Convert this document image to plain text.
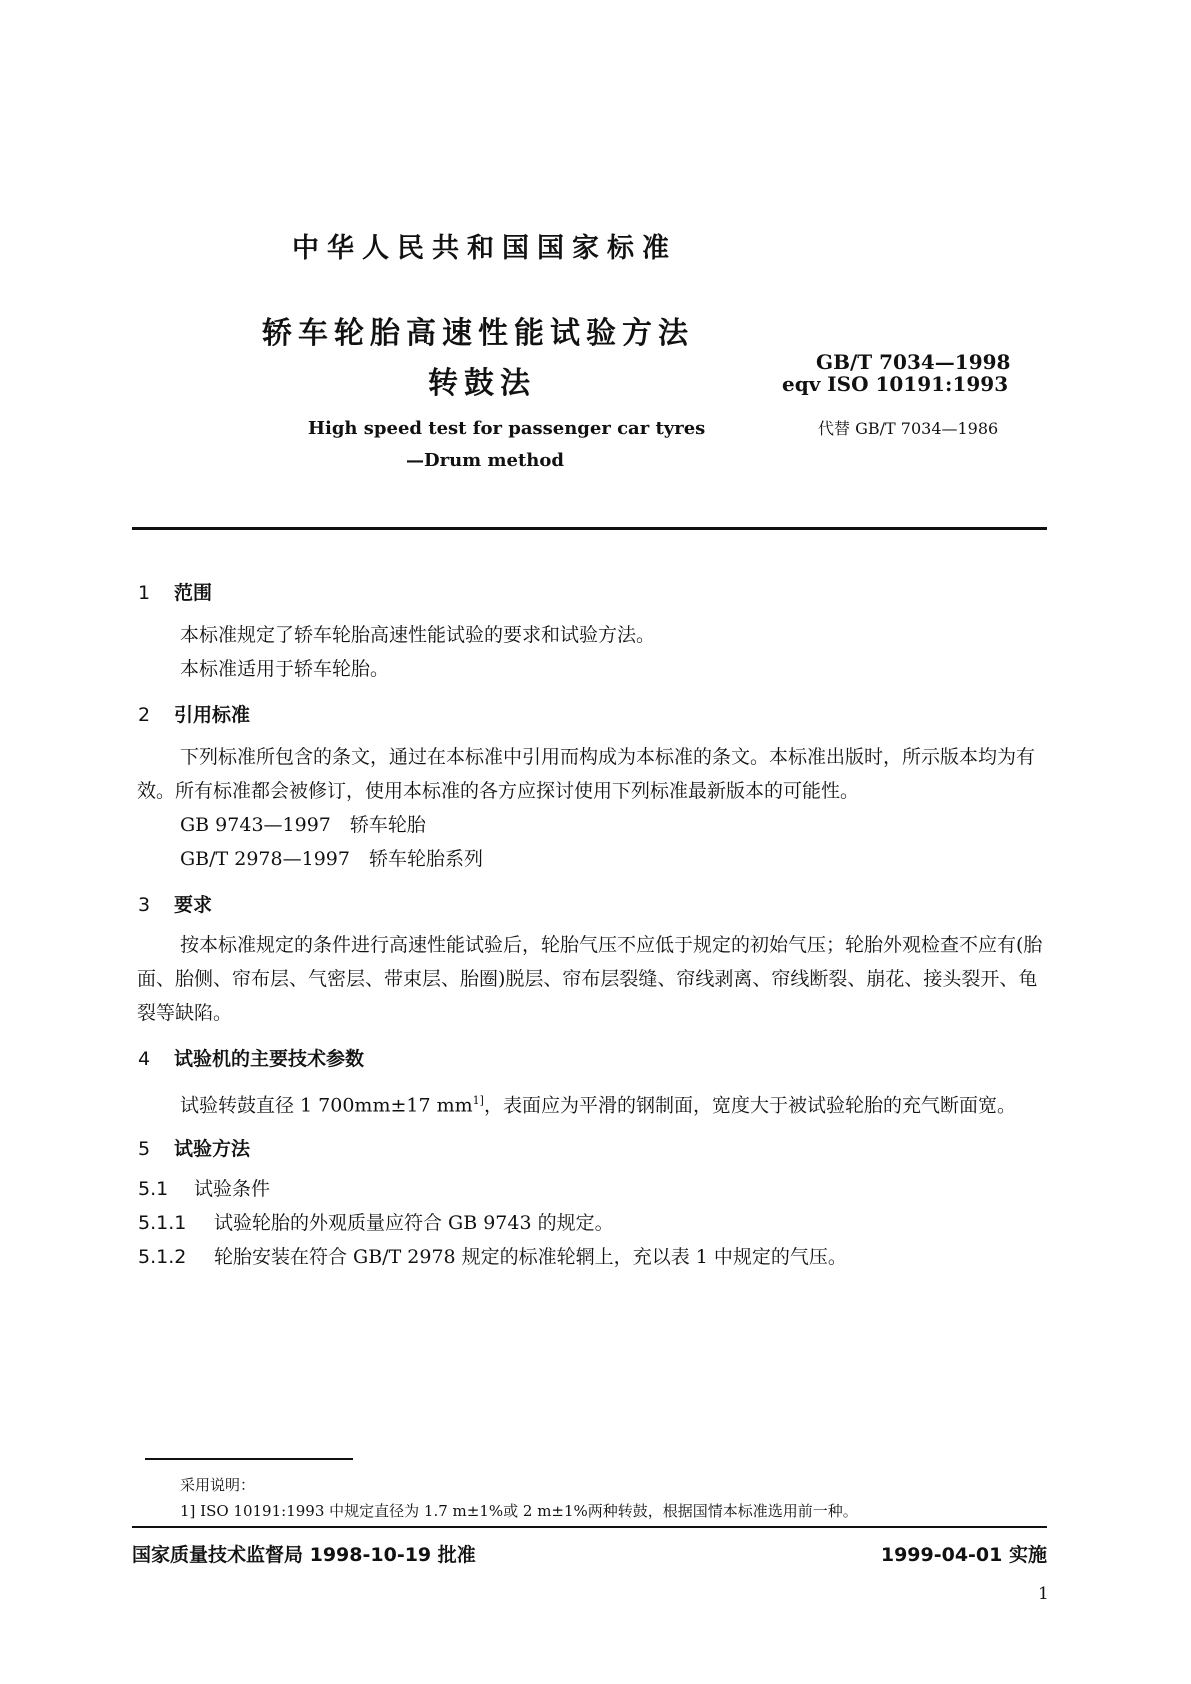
中华人民共和国国家标准
轿车轮胎高速性能试验方法
转鼓法
GB/T 7034—1998
eqv ISO 10191:1993
代替 GB/T 7034—1986
High speed test for passenger car tyres
—Drum method
1 范围
本标准规定了轿车轮胎高速性能试验的要求和试验方法。
本标准适用于轿车轮胎。
2 引用标准
下列标准所包含的条文，通过在本标准中引用而构成为本标准的条文。本标准出版时，所示版本均为有效。所有标准都会被修订，使用本标准的各方应探讨使用下列标准最新版本的可能性。
GB 9743—1997　轿车轮胎
GB/T 2978—1997　轿车轮胎系列
3 要求
按本标准规定的条件进行高速性能试验后，轮胎气压不应低于规定的初始气压；轮胎外观检查不应有(胎面、胎侧、帘布层、气密层、带束层、胎圈)脱层、帘布层裂缝、帘线剥离、帘线断裂、崩花、接头裂开、龟裂等缺陷。
4 试验机的主要技术参数
试验转鼓直径 1 700mm±17 $mm^{1]}$，表面应为平滑的钢制面，宽度大于被试验轮胎的充气断面宽。
5 试验方法
5.1 试验条件
5.1.1 试验轮胎的外观质量应符合 GB 9743 的规定。
5.1.2 轮胎安装在符合 GB/T 2978 规定的标准轮辋上，充以表 1 中规定的气压。
采用说明：
1] ISO 10191:1993 中规定直径为 1.7 m±1%或 2 m±1%两种转鼓，根据国情本标准选用前一种。
国家质量技术监督局 1998-10-19 批准	1999-04-01 实施
1
